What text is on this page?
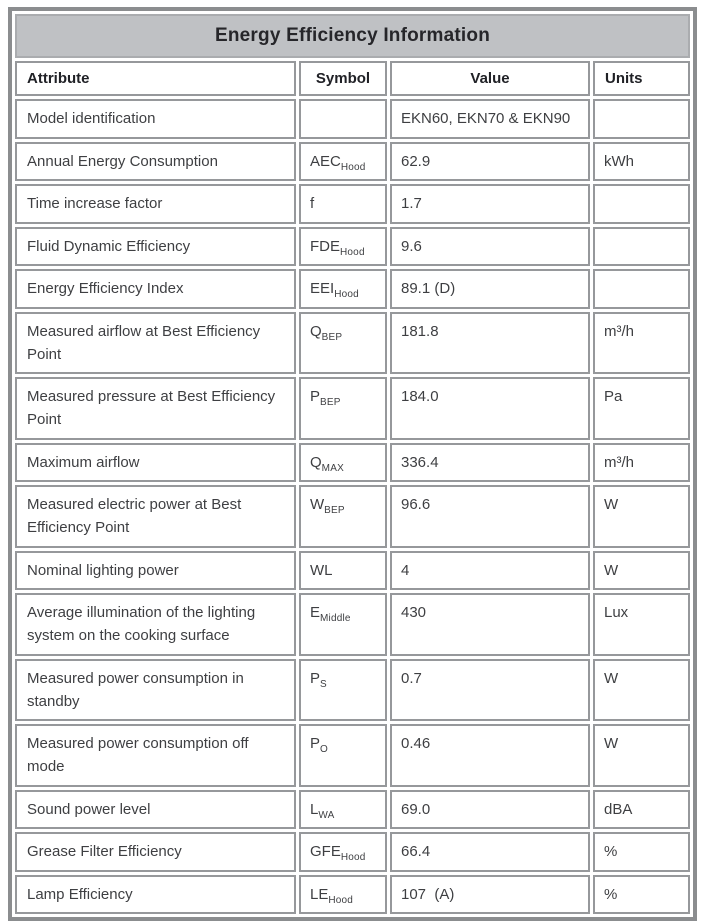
Energy Efficiency Information			
Attribute	Symbol	Value	Units
Model identification		EKN60, EKN70 & EKN90	
Annual Energy Consumption	$AEC_{Hood}$	62.9	kWh
Time increase factor	f	1.7	
Fluid Dynamic Efficiency	$FDE_{Hood}$	9.6	
Energy Efficiency Index	$EEI_{Hood}$	89.1 (D)	
Measured airflow at Best Efficiency Point	$Q_{BEP}$	181.8	m³/h
Measured pressure at Best Efficiency Point	$P_{BEP}$	184.0	Pa
Maximum airflow	$Q_{MAX}$	336.4	m³/h
Measured electric power at Best Efficiency Point	$W_{BEP}$	96.6	W
Nominal lighting power	WL	4	W
Average illumination of the lighting system on the cooking surface	$E_{Middle}$	430	Lux
Measured power consumption in standby	$P_S$	0.7	W
Measured power consumption off mode	$P_O$	0.46	W
Sound power level	$L_{WA}$	69.0	dBA
Grease Filter Efficiency	$GFE_{Hood}$	66.4	%
Lamp Efficiency	$LE_{Hood}$	107  (A)	%
